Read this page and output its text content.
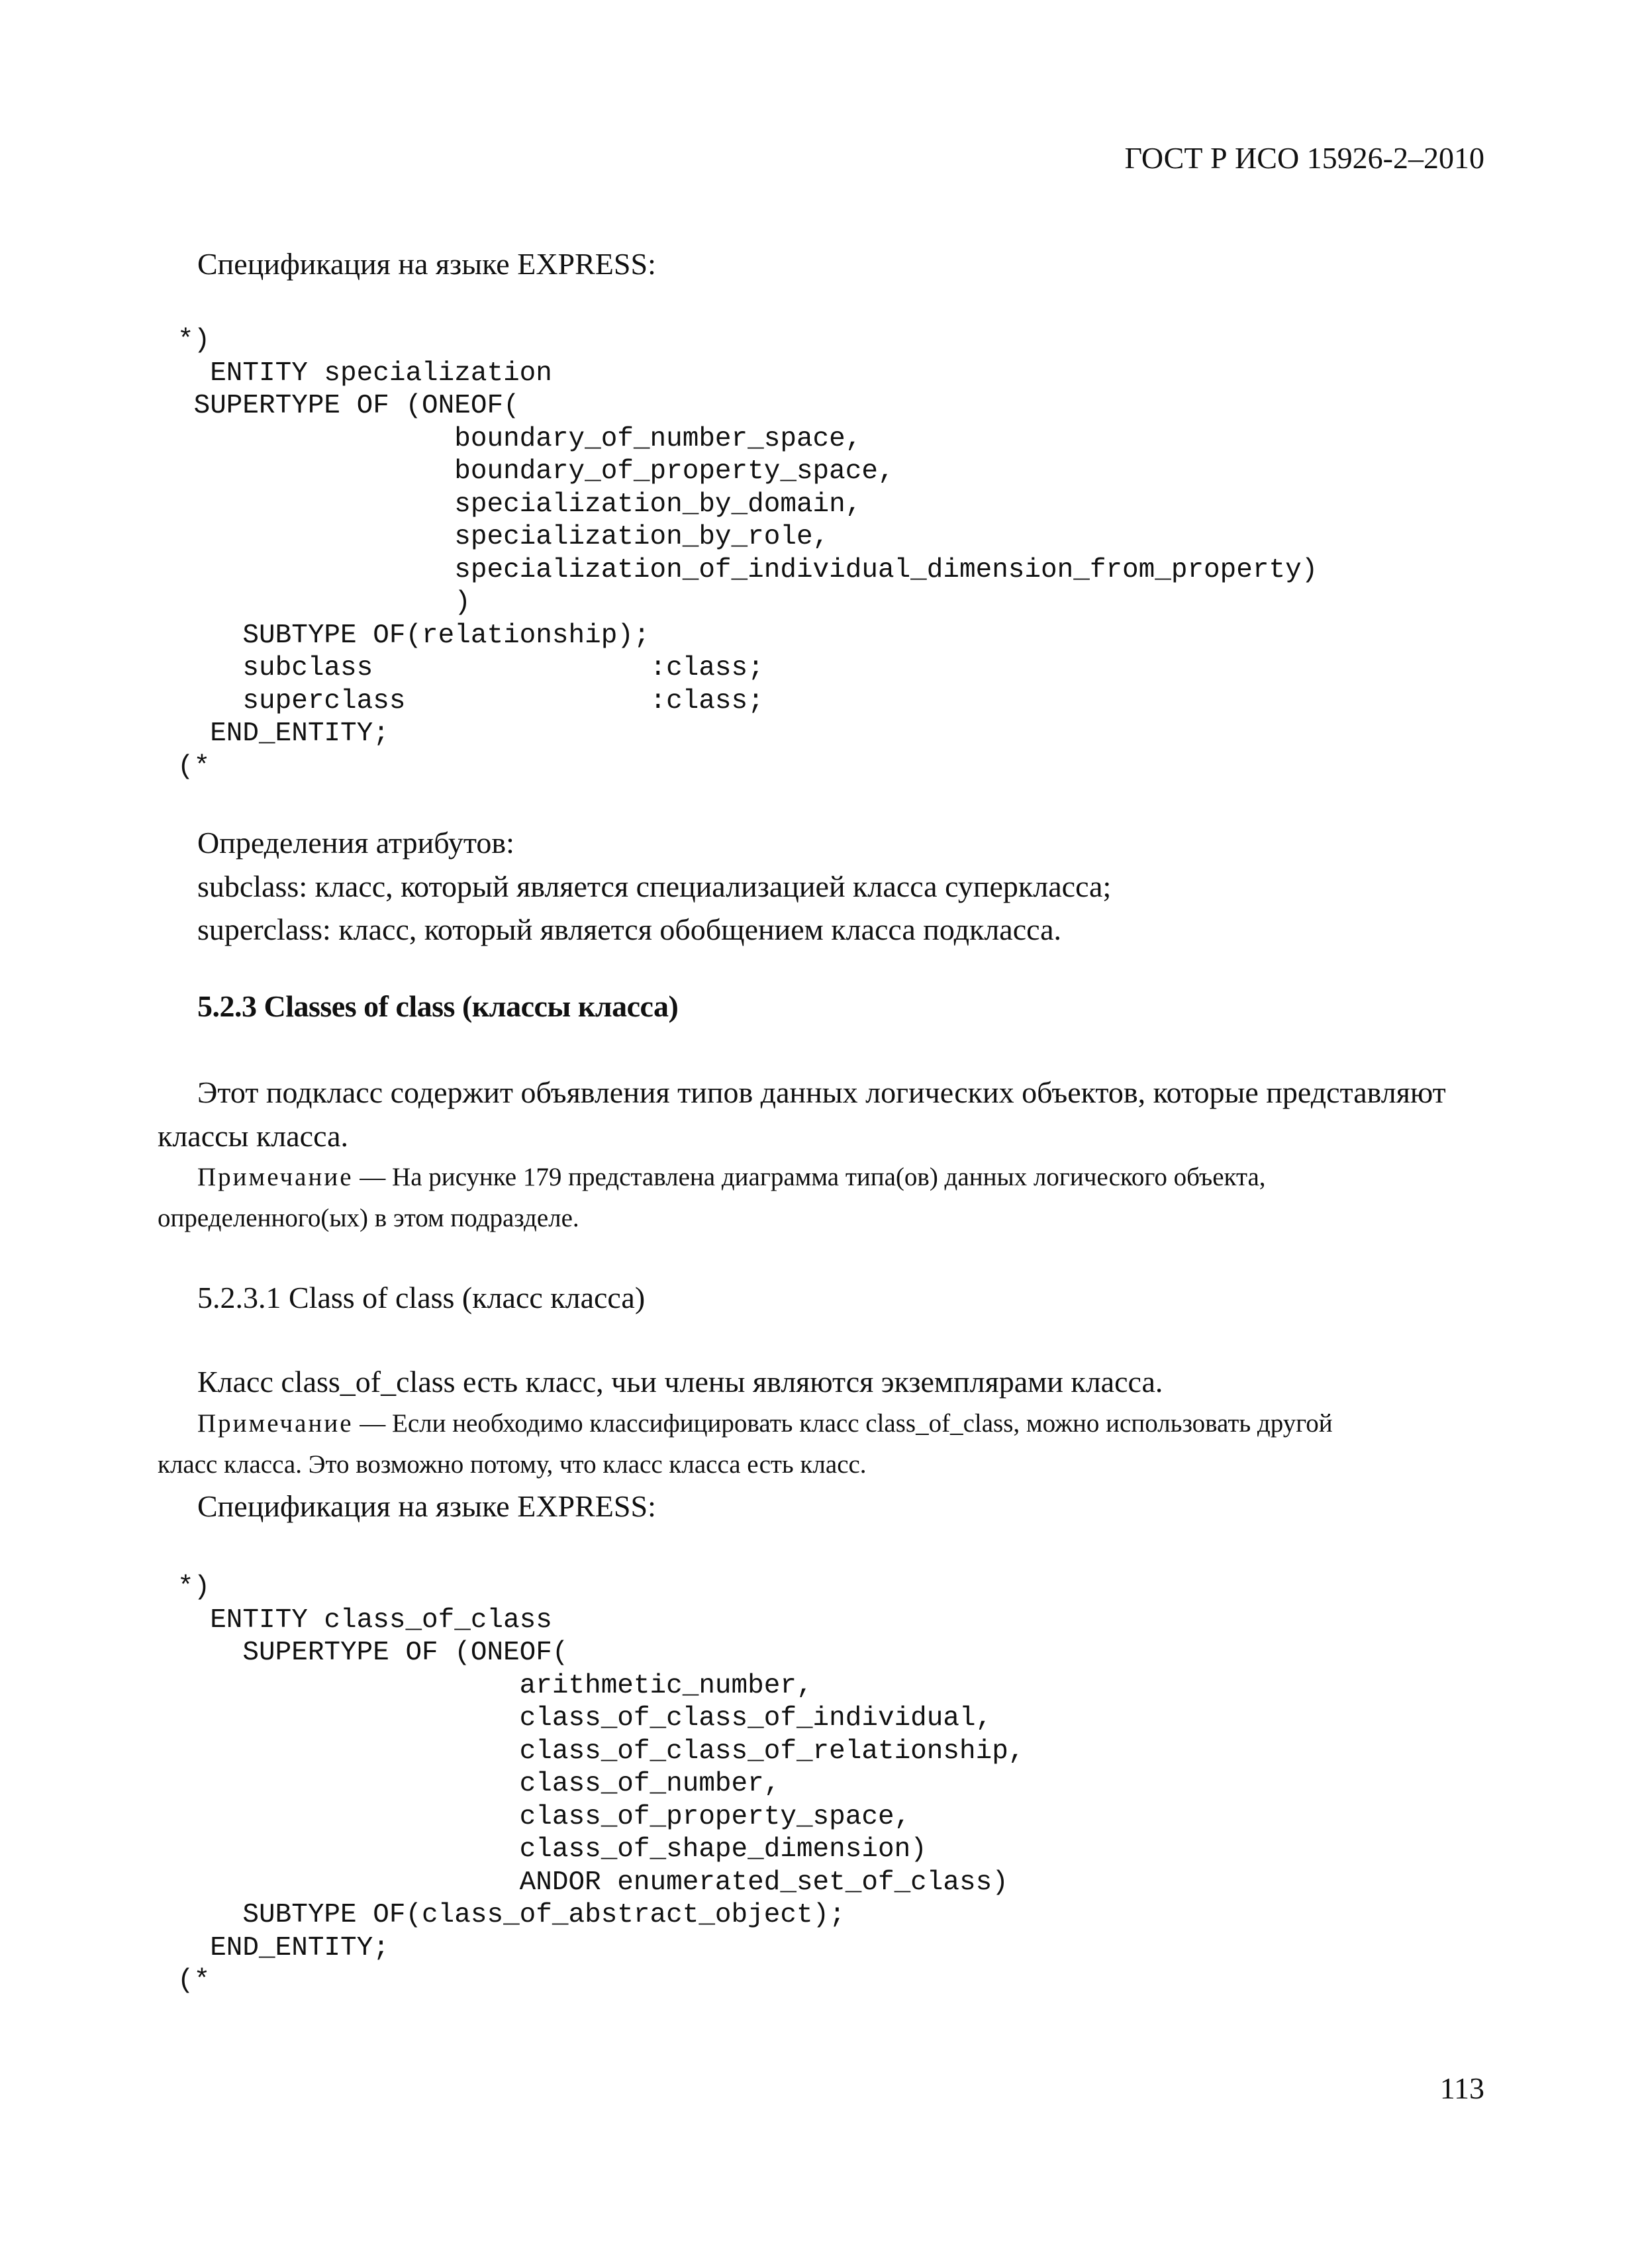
ГОСТ Р ИСО 15926-2–2010
Спецификация на языке EXPRESS:
*)
ENTITY specialization
SUPERTYPE OF (ONEOF(
boundary_of_number_space,
boundary_of_property_space,
specialization_by_domain,
specialization_by_role,
specialization_of_individual_dimension_from_property)
)
SUBTYPE OF(relationship);
subclass                 :class;
superclass               :class;
END_ENTITY;
(*
Определения атрибутов:
subclass: класс, который является специализацией класса суперкласса;
superclass: класс, который является обобщением класса подкласса.
5.2.3 Classes of class (классы класса)
Этот подкласс содержит объявления типов данных логических объектов, которые представляют
классы класса.
Примечание — На рисунке 179 представлена диаграмма типа(ов) данных логического объекта,
определенного(ых) в этом подразделе.
5.2.3.1 Class of class (класс класса)
Класс class_of_class есть класс, чьи члены являются экземплярами класса.
Примечание — Если необходимо классифицировать класс class_of_class, можно использовать другой
класс класса. Это возможно потому, что класс класса есть класс.
Спецификация на языке EXPRESS:
*)
ENTITY class_of_class
SUPERTYPE OF (ONEOF(
arithmetic_number,
class_of_class_of_individual,
class_of_class_of_relationship,
class_of_number,
class_of_property_space,
class_of_shape_dimension)
ANDOR enumerated_set_of_class)
SUBTYPE OF(class_of_abstract_object);
END_ENTITY;
(*
113
